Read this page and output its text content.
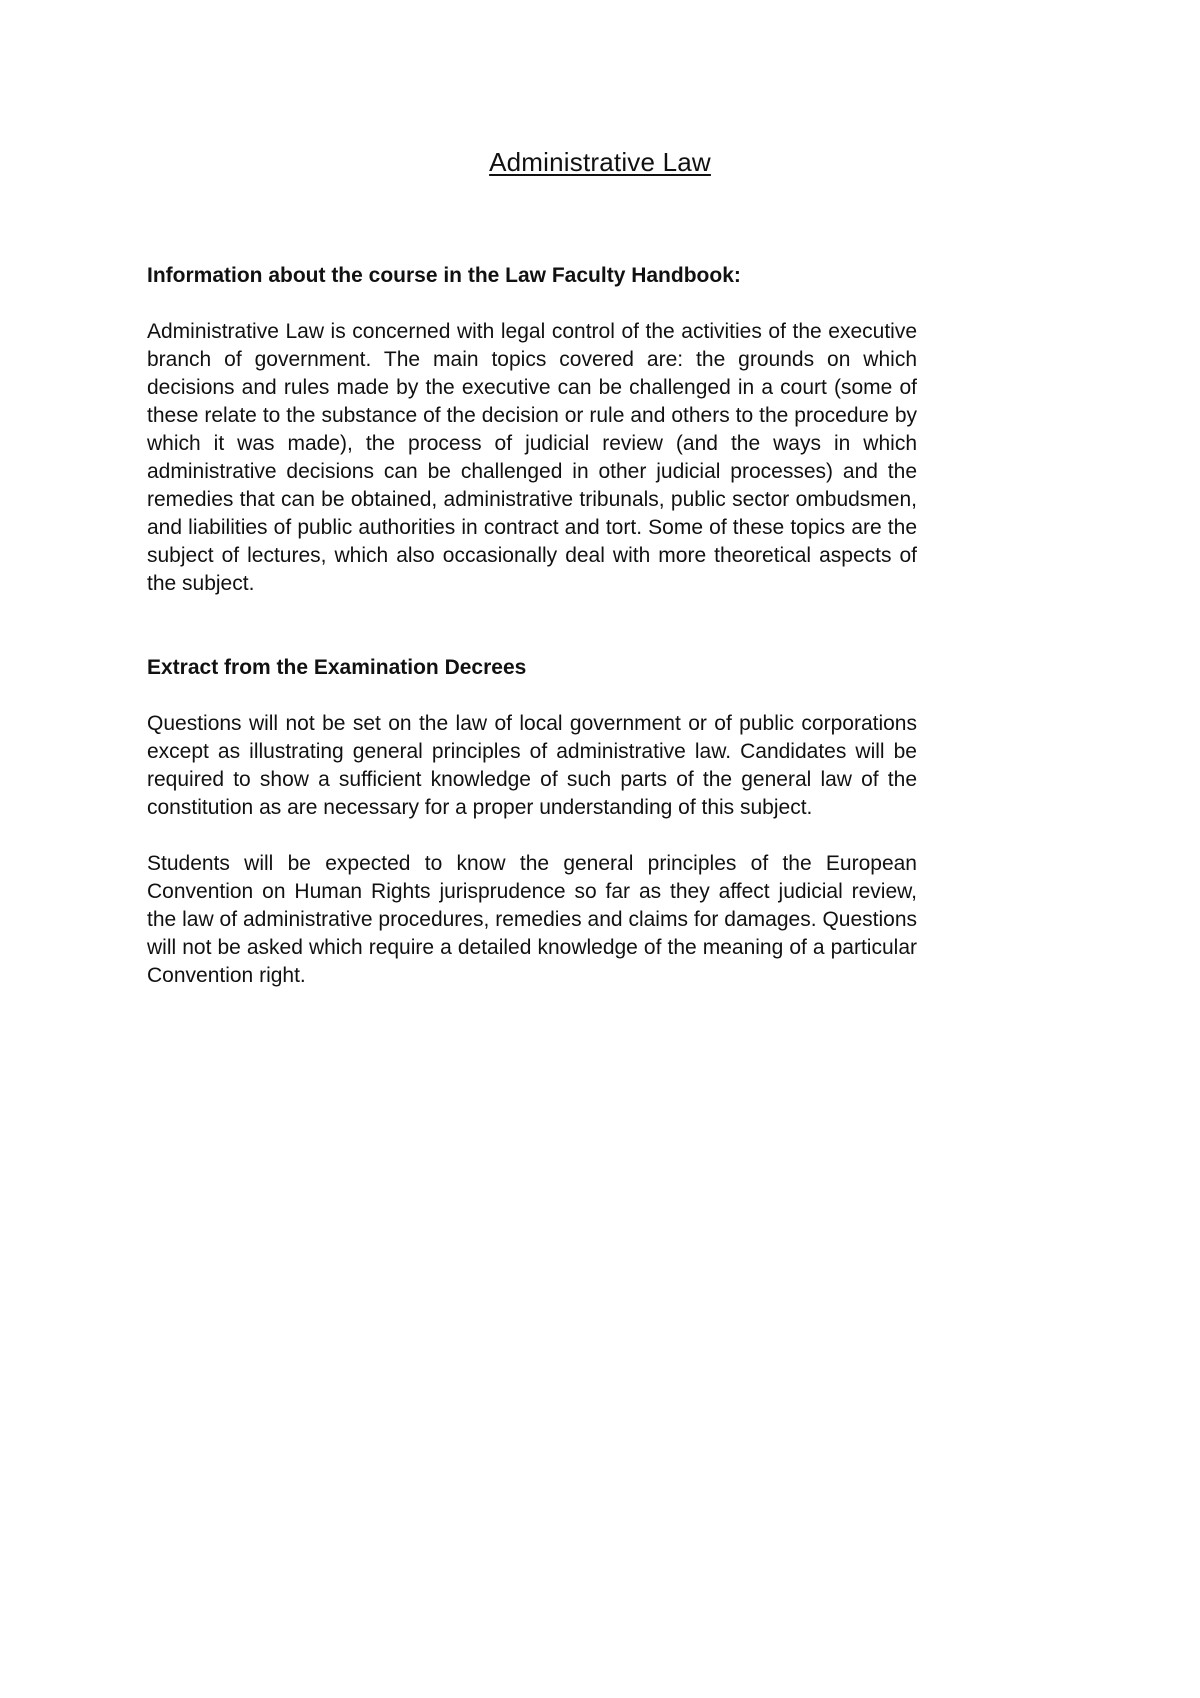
Administrative Law

Information about the course in the Law Faculty Handbook:

Administrative Law is concerned with legal control of the activities of the executive branch of government. The main topics covered are: the grounds on which decisions and rules made by the executive can be challenged in a court (some of these relate to the substance of the decision or rule and others to the procedure by which it was made), the process of judicial review (and the ways in which administrative decisions can be challenged in other judicial processes) and the remedies that can be obtained, administrative tribunals, public sector ombudsmen, and liabilities of public authorities in contract and tort. Some of these topics are the subject of lectures, which also occasionally deal with more theoretical aspects of the subject.

Extract from the Examination Decrees

Questions will not be set on the law of local government or of public corporations except as illustrating general principles of administrative law. Candidates will be required to show a sufficient knowledge of such parts of the general law of the constitution as are necessary for a proper understanding of this subject.

Students will be expected to know the general principles of the European Convention on Human Rights jurisprudence so far as they affect judicial review, the law of administrative procedures, remedies and claims for damages. Questions will not be asked which require a detailed knowledge of the meaning of a particular Convention right.
